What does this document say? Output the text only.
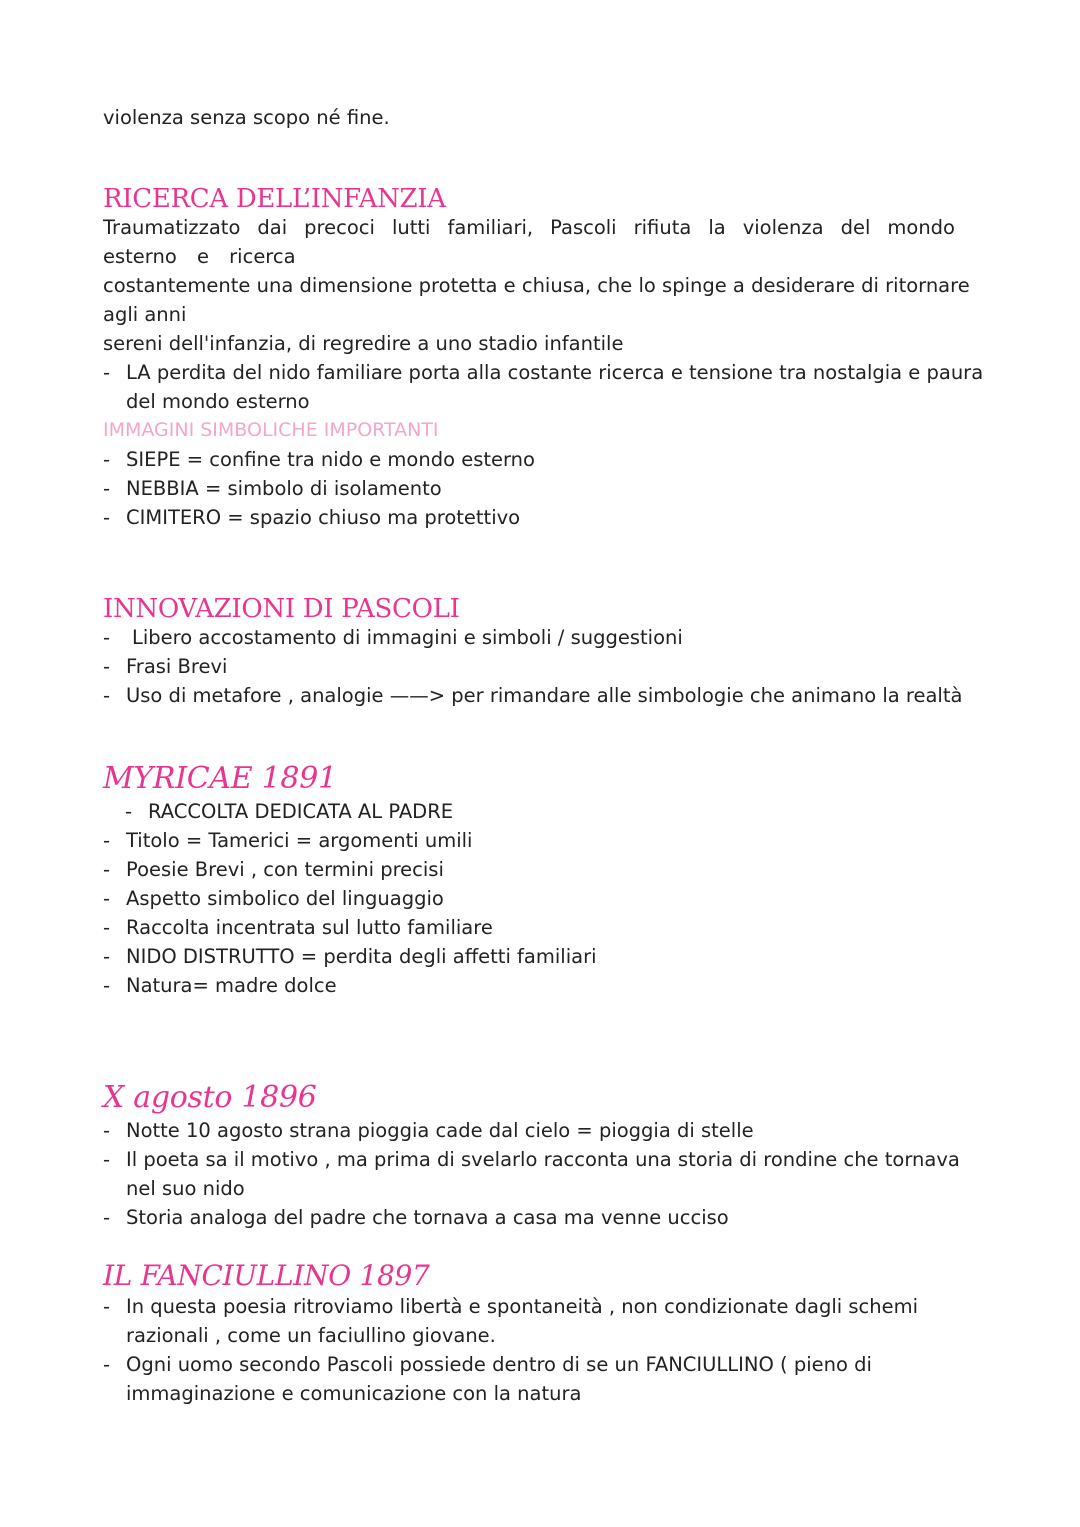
violenza senza scopo né fine.
RICERCA DELL’INFANZIA
Traumatizzato dai precoci lutti familiari, Pascoli rifiuta la violenza del mondo
esterno e ricerca
costantemente una dimensione protetta e chiusa, che lo spinge a desiderare di ritornare
agli anni
sereni dell'infanzia, di regredire a uno stadio infantile
- LA perdita del nido familiare porta alla costante ricerca e tensione tra nostalgia e paura
del mondo esterno
IMMAGINI SIMBOLICHE IMPORTANTI
- SIEPE = confine tra nido e mondo esterno
- NEBBIA = simbolo di isolamento
- CIMITERO = spazio chiuso ma protettivo
INNOVAZIONI DI PASCOLI
-	Libero accostamento di immagini e simboli / suggestioni
- Frasi Brevi
- Uso di metafore , analogie ——> per rimandare alle simbologie che animano la realtà
MYRICAE 1891
- RACCOLTA DEDICATA AL PADRE
- Titolo = Tamerici = argomenti umili
- Poesie Brevi , con termini precisi
- Aspetto simbolico del linguaggio
- Raccolta incentrata sul lutto familiare
- NIDO DISTRUTTO = perdita degli affetti familiari
- Natura= madre dolce
X agosto 1896
- Notte 10 agosto strana pioggia cade dal cielo = pioggia di stelle
- Il poeta sa il motivo , ma prima di svelarlo racconta una storia di rondine che tornava
nel suo nido
- Storia analoga del padre che tornava a casa ma venne ucciso
IL FANCIULLINO 1897
- In questa poesia ritroviamo libertà e spontaneità , non condizionate dagli schemi
razionali , come un faciullino giovane.
- Ogni uomo secondo Pascoli possiede dentro di se un FANCIULLINO ( pieno di
immaginazione e comunicazione con la natura
